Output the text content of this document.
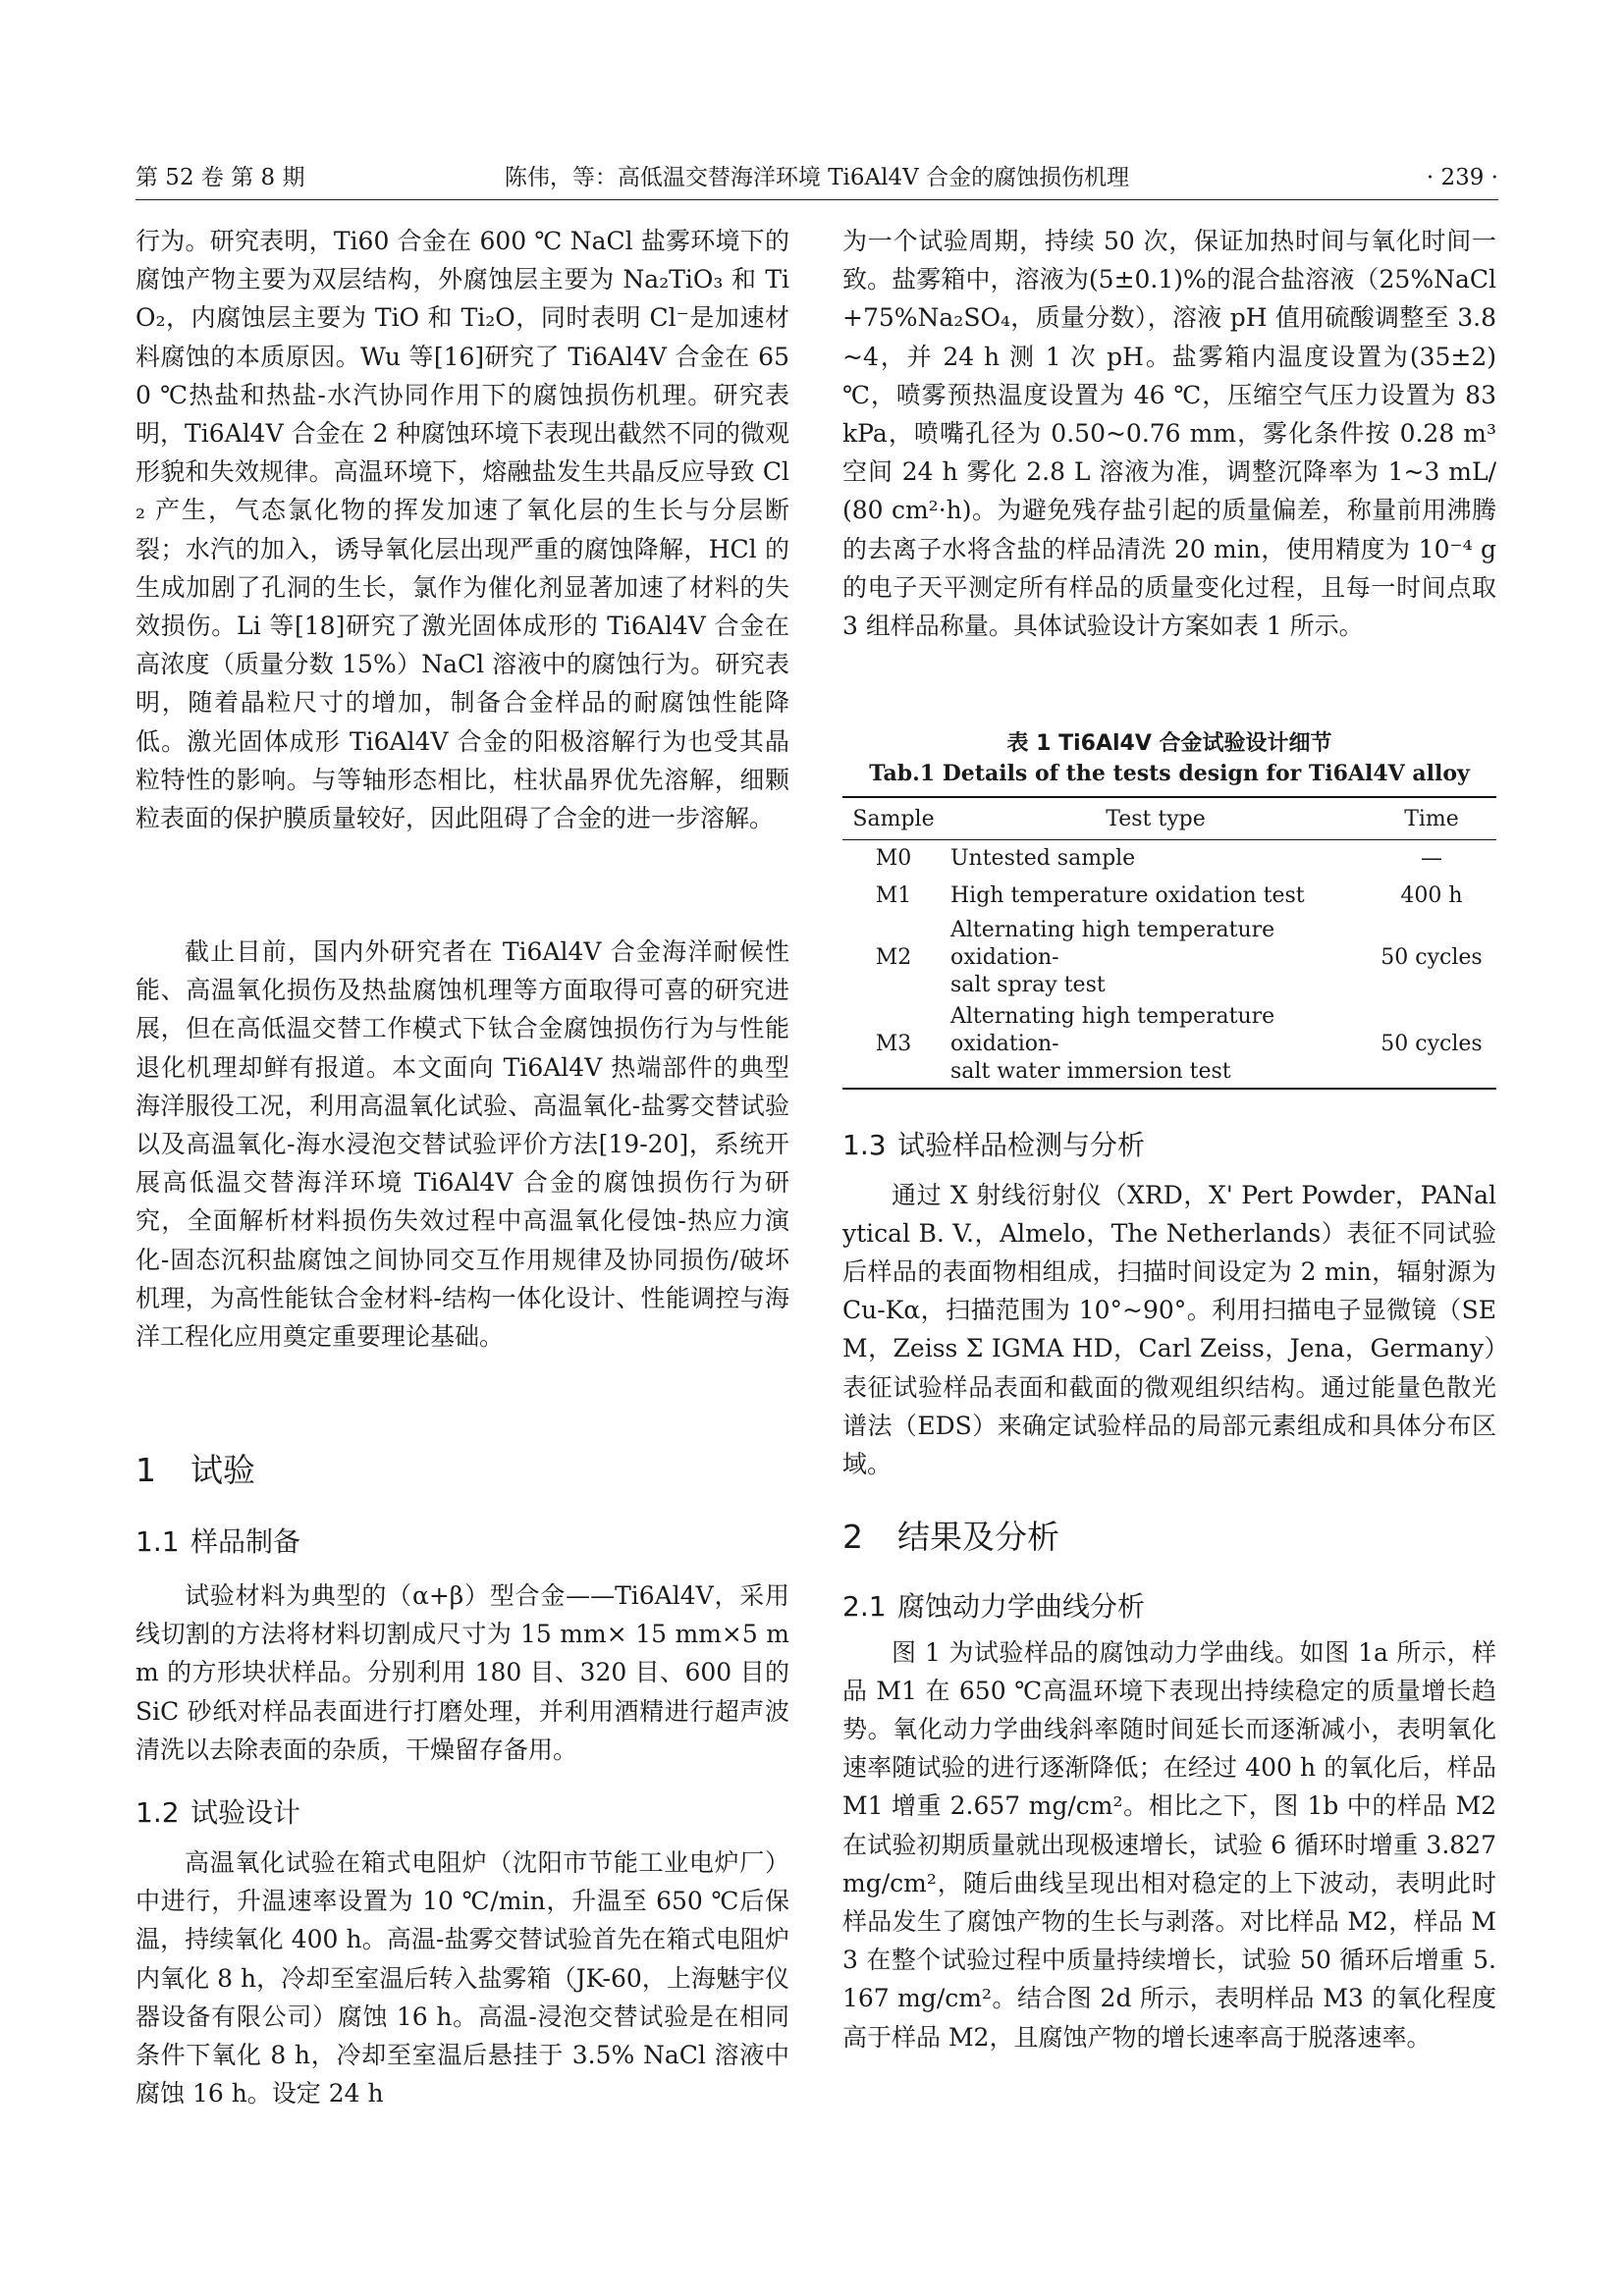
第 52 卷 第 8 期	陈伟，等：高低温交替海洋环境 Ti6Al4V 合金的腐蚀损伤机理	· 239 ·

行为。研究表明，Ti60 合金在 600 ℃ NaCl 盐雾环境下的腐蚀产物主要为双层结构，外腐蚀层主要为 Na₂TiO₃ 和 TiO₂，内腐蚀层主要为 TiO 和 Ti₂O，同时表明 Cl⁻是加速材料腐蚀的本质原因。Wu 等[16]研究了 Ti6Al4V 合金在 650 ℃热盐和热盐-水汽协同作用下的腐蚀损伤机理。研究表明，Ti6Al4V 合金在 2 种腐蚀环境下表现出截然不同的微观形貌和失效规律。高温环境下，熔融盐发生共晶反应导致 Cl₂ 产生，气态氯化物的挥发加速了氧化层的生长与分层断裂；水汽的加入，诱导氧化层出现严重的腐蚀降解，HCl 的生成加剧了孔洞的生长，氯作为催化剂显著加速了材料的失效损伤。Li 等[18]研究了激光固体成形的 Ti6Al4V 合金在高浓度（质量分数 15%）NaCl 溶液中的腐蚀行为。研究表明，随着晶粒尺寸的增加，制备合金样品的耐腐蚀性能降低。激光固体成形 Ti6Al4V 合金的阳极溶解行为也受其晶粒特性的影响。与等轴形态相比，柱状晶界优先溶解，细颗粒表面的保护膜质量较好，因此阻碍了合金的进一步溶解。

截止目前，国内外研究者在 Ti6Al4V 合金海洋耐候性能、高温氧化损伤及热盐腐蚀机理等方面取得可喜的研究进展，但在高低温交替工作模式下钛合金腐蚀损伤行为与性能退化机理却鲜有报道。本文面向 Ti6Al4V 热端部件的典型海洋服役工况，利用高温氧化试验、高温氧化-盐雾交替试验以及高温氧化-海水浸泡交替试验评价方法[19-20]，系统开展高低温交替海洋环境 Ti6Al4V 合金的腐蚀损伤行为研究，全面解析材料损伤失效过程中高温氧化侵蚀-热应力演化-固态沉积盐腐蚀之间协同交互作用规律及协同损伤/破坏机理，为高性能钛合金材料-结构一体化设计、性能调控与海洋工程化应用奠定重要理论基础。

1 试验
1.1 样品制备

试验材料为典型的（α+β）型合金——Ti6Al4V，采用线切割的方法将材料切割成尺寸为 15 mm× 15 mm×5 mm 的方形块状样品。分别利用 180 目、320 目、600 目的 SiC 砂纸对样品表面进行打磨处理，并利用酒精进行超声波清洗以去除表面的杂质，干燥留存备用。

1.2 试验设计

高温氧化试验在箱式电阻炉（沈阳市节能工业电炉厂）中进行，升温速率设置为 10 ℃/min，升温至 650 ℃后保温，持续氧化 400 h。高温-盐雾交替试验首先在箱式电阻炉内氧化 8 h，冷却至室温后转入盐雾箱（JK-60，上海魅宇仪器设备有限公司）腐蚀 16 h。高温-浸泡交替试验是在相同条件下氧化 8 h，冷却至室温后悬挂于 3.5% NaCl 溶液中腐蚀 16 h。设定 24 h

为一个试验周期，持续 50 次，保证加热时间与氧化时间一致。盐雾箱中，溶液为(5±0.1)%的混合盐溶液（25%NaCl+75%Na₂SO₄，质量分数），溶液 pH 值用硫酸调整至 3.8~4，并 24 h 测 1 次 pH。盐雾箱内温度设置为(35±2) ℃，喷雾预热温度设置为 46 ℃，压缩空气压力设置为 83 kPa，喷嘴孔径为 0.50~0.76 mm，雾化条件按 0.28 m³ 空间 24 h 雾化 2.8 L 溶液为准，调整沉降率为 1~3 mL/(80 cm²·h)。为避免残存盐引起的质量偏差，称量前用沸腾的去离子水将含盐的样品清洗 20 min，使用精度为 10⁻⁴ g 的电子天平测定所有样品的质量变化过程，且每一时间点取 3 组样品称量。具体试验设计方案如表 1 所示。

表 1 Ti6Al4V 合金试验设计细节
Tab.1 Details of the tests design for Ti6Al4V alloy
Sample	Test type	Time
M0	Untested sample	—
M1	High temperature oxidation test	400 h
M2	Alternating high temperature oxidation-
salt spray test	50 cycles
M3	Alternating high temperature oxidation-
salt water immersion test	50 cycles
1.3 试验样品检测与分析

通过 X 射线衍射仪（XRD，X' Pert Powder，PANalytical B. V.，Almelo，The Netherlands）表征不同试验后样品的表面物相组成，扫描时间设定为 2 min，辐射源为 Cu-Kα，扫描范围为 10°~90°。利用扫描电子显微镜（SEM，Zeiss Σ IGMA HD，Carl Zeiss，Jena，Germany）表征试验样品表面和截面的微观组织结构。通过能量色散光谱法（EDS）来确定试验样品的局部元素组成和具体分布区域。

2 结果及分析
2.1 腐蚀动力学曲线分析

图 1 为试验样品的腐蚀动力学曲线。如图 1a 所示，样品 M1 在 650 ℃高温环境下表现出持续稳定的质量增长趋势。氧化动力学曲线斜率随时间延长而逐渐减小，表明氧化速率随试验的进行逐渐降低；在经过 400 h 的氧化后，样品 M1 增重 2.657 mg/cm²。相比之下，图 1b 中的样品 M2 在试验初期质量就出现极速增长，试验 6 循环时增重 3.827 mg/cm²，随后曲线呈现出相对稳定的上下波动，表明此时样品发生了腐蚀产物的生长与剥落。对比样品 M2，样品 M3 在整个试验过程中质量持续增长，试验 50 循环后增重 5.167 mg/cm²。结合图 2d 所示，表明样品 M3 的氧化程度高于样品 M2，且腐蚀产物的增长速率高于脱落速率。
